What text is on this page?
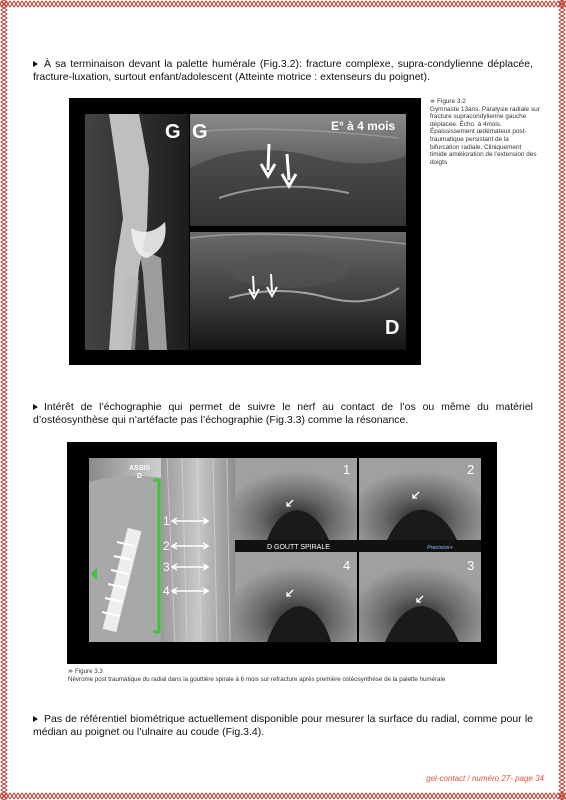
À sa terminaison devant la palette humérale (Fig.3.2): fracture complexe, supra-condylienne déplacée, fracture-luxation, surtout enfant/adolescent (Atteinte motrice : extenseurs du poignet).
G G	E° à 4 mois
D
››› Figure 3.2
Gymnaste 13ans. Paralysie radiale sur fracture supracondylienne gauche déplacée. Écho. à 4mois. Épaississement œdémateux post-traumatique persistant de la bifurcation radiale. Cliniquement timide amélioration de l’extension des doigts
Intérêt de l’échographie qui permet de suivre le nerf au contact de l’os ou même du matériel d’ostéosynthèse qui n’artéfacte pas l’échographie (Fig.3.3) comme la résonance.
ASSIS D
1
2
3
4
1	2
4	3
D GOUTT SPIRALE	Precision+
››› Figure 3.3
Névrome post traumatique du radial dans la gouttière spirale à 6 mois sur refracture après première ostéosynthèse de la palette humérale
Pas de référentiel biométrique actuellement disponible pour mesurer la surface du radial, comme pour le médian au poignet ou l’ulnaire au coude (Fig.3.4).
gel-contact / numéro 27- page 34
